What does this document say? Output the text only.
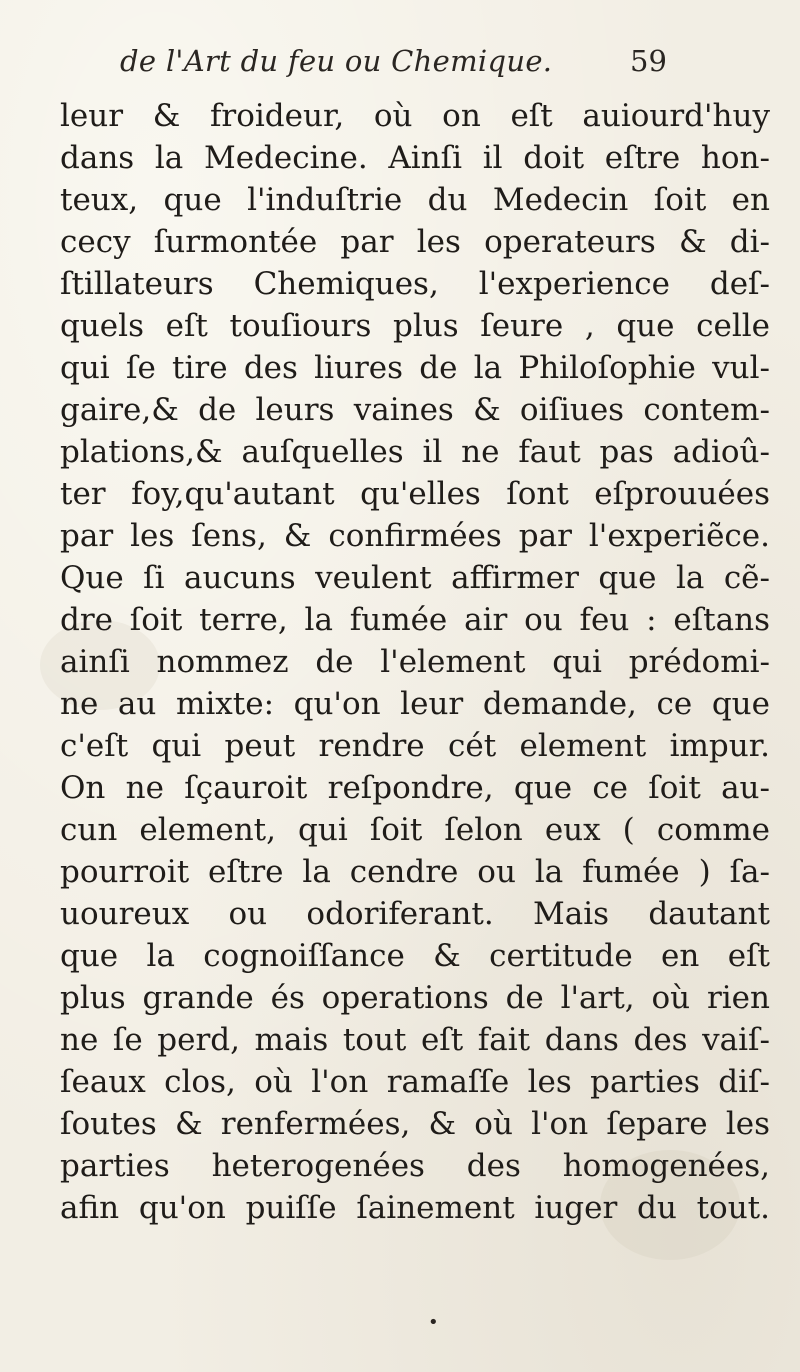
de l'Art du feu ou Chemique.	59
leur & froideur, où on eſt auiourd'huy
dans la Medecine. Ainſi il doit eſtre hon-
teux, que l'induſtrie du Medecin ſoit en
cecy ſurmontée par les operateurs & di-
ſtillateurs Chemiques, l'experience deſ-
quels eſt touſiours plus ſeure , que celle
qui ſe tire des liures de la Philoſophie vul-
gaire,& de leurs vaines & oiſiues contem-
plations,& auſquelles il ne faut pas adioû-
ter foy,qu'autant qu'elles ſont eſprouuées
par les ſens, & confirmées par l'experiẽce.
Que ſi aucuns veulent affirmer que la cẽ-
dre ſoit terre, la fumée air ou feu : eſtans
ainſi nommez de l'element qui prédomi-
ne au mixte: qu'on leur demande, ce que
c'eſt qui peut rendre cét element impur.
On ne ſçauroit reſpondre, que ce ſoit au-
cun element, qui ſoit ſelon eux ( comme
pourroit eſtre la cendre ou la fumée ) ſa-
uoureux ou odoriferant. Mais dautant
que la cognoiſſance & certitude en eſt
plus grande és operations de l'art, où rien
ne ſe perd, mais tout eſt fait dans des vaiſ-
ſeaux clos, où l'on ramaſſe les parties diſ-
ſoutes & renfermées, & où l'on ſepare les
parties heterogenées des homogenées,
afin qu'on puiſſe ſainement iuger du tout.
•
